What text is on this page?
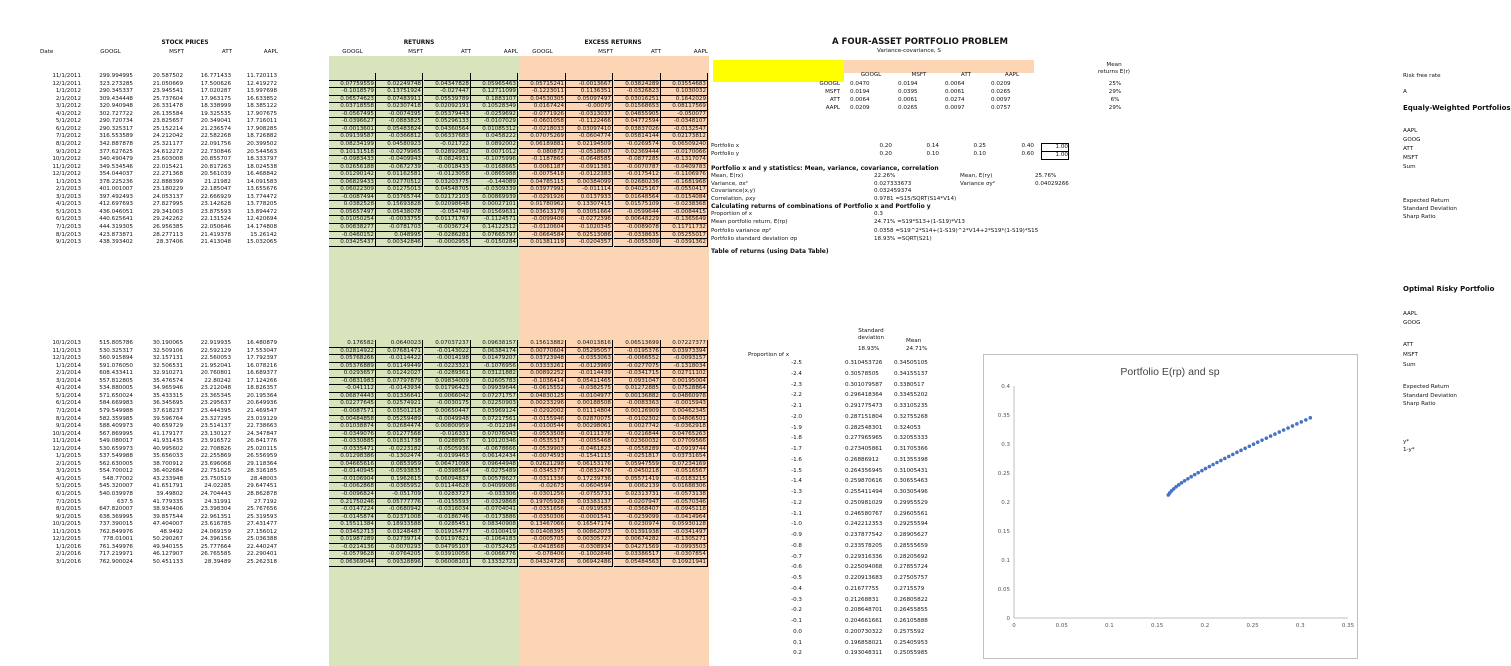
Date
STOCK PRICES	RETURNS	EXCESS RETURNS
GOOGL	MSFT	ATT	AAPL	GOOGL	MSFT	ATT	AAPL	GOOGL	MSFT	ATT	AAPL
11/1/2011	299.994995	20.587502	16.771433	11.720113
12/1/2011	323.273285	21.050669	17.500626	12.419272	0.07759559	0.02249748	0.04347828	0.05965463	0.05715241	-0.0013667	0.03824289	0.03554683
1/1/2012	290.345337	23.945541	17.020287	13.997698	-0.1018579	0.13751924	-0.027447	0.12711099	-0.1223011	0.1136351	-0.0326823	0.1030032
2/1/2012	309.434448	25.737604	17.963175	16.633852	0.06574623	0.07483911	0.05539789	0.1883107	0.04530305	0.05097497	0.03016251	0.1642029
3/1/2012	320.940948	26.331478	18.338999	18.385122	0.03718558	0.02307418	0.02092191	0.10528349	0.0167424	-0.00079	0.01568653	0.08117569
4/1/2012	302.727722	26.135584	19.325535	17.907675	-0.0567495	-0.0074395	0.05379443	-0.0259692	-0.0771926	-0.0313037	0.04855905	-0.050077
5/1/2012	290.720734	23.825657	20.349041	17.716011	-0.0396627	-0.0883825	0.05296133	-0.0107029	-0.0601058	-0.1122466	0.04772594	-0.0348107
6/1/2012	290.325317	25.152214	21.236574	17.908285	-0.0013601	0.05483824	0.04360564	0.01085312	-0.0218033	0.03097410	0.03837026	-0.0132547
7/1/2012	316.553589	24.212042	22.582268	18.726882	0.09139587	-0.0366812	0.06337683	0.0458222	0.07075269	-0.0604774	0.05814144	0.02173812
8/1/2012	342.887878	25.321177	22.091756	20.399502	0.08234199	0.04580923	-0.021722	0.0892002	0.06189881	0.02194509	-0.0269574	0.06509240
9/1/2012	377.627625	24.612272	22.730846	20.544563	0.10131518	-0.0279965	0.02892982	0.0071012	0.080872	-0.0518607	0.02369444	-0.0170066
10/1/2012	340.490479	23.603008	20.855707	18.333797	-0.0983433	-0.0409943	-0.0824931	-0.1075996	-0.1187865	-0.0648585	-0.0877285	-0.1317074
11/1/2012	349.534546	22.015421	20.817263	18.024538	0.02656188	-0.0672739	-0.0018433	-0.0168665	0.0061187	-0.0911381	-0.0070787	-0.0409783
12/1/2012	354.044037	22.271368	20.561039	16.468842	0.01290142	0.01162581	-0.0123058	-0.0865988	-0.0075418	-0.0122383	-0.0175412	-0.1106976
1/1/2013	378.225236	22.888399	21.21982	14.091583	0.06829433	0.02770512	0.03203775	-0.144089	0.04785115	0.00384099	0.02680236	-0.1681968
2/1/2013	401.001007	23.180229	22.185047	13.655676	0.06022309	0.01275013	0.04548705	-0.0309339	0.03977991	-0.011114	0.04025167	-0.0550417
3/1/2013	397.492493	24.053137	22.666929	13.774472	-0.0087494	0.03765744	0.02172103	0.00869939	-0.0291926	0.0137933	0.01648564	-0.0154084
4/1/2013	412.697693	27.827995	23.142628	13.778205	0.0382528	0.15693828	0.02098648	0.00027101	0.01780962	0.13307415	0.01575109	-0.0238368
5/1/2013	436.046051	29.341003	23.875593	13.894472	0.05657497	0.05438078	-0.054749	0.01569631	0.03613179	0.03051664	-0.0599644	-0.0084415
6/1/2013	440.625641	29.242262	22.131524	12.420694	0.01050254	-0.0033755	0.01171767	-0.1124571	-0.0099406	-0.0272396	0.00648229	-0.1365649
7/1/2013	444.319305	26.956385	22.050646	14.174808	0.00838277	-0.0781703	-0.0036724	0.14122512	-0.0120604	-0.1020345	-0.0089078	0.11711732
8/1/2013	423.873871	28.277113	21.419378	15.26142	-0.0460152	0.048995	-0.0286281	0.07665797	-0.0664584	0.02513086	-0.0338635	0.05255017
9/1/2013	438.393402	28.37406	21.413048	15.032065	0.03425437	0.00342846	-0.0002955	-0.0150284	0.01381119	-0.0204357	-0.0055309	-0.0391362
10/1/2013	515.805786	30.190065	22.919935	16.480879	0.176582	0.0640023	0.07037237	0.09638157	0.15613882	0.04013816	0.06513699	0.07227377
11/1/2013	530.325317	32.509106	22.592129	17.553047	0.02814922	0.07681471	-0.0143022	0.06384174	0.00770604	0.05295057	-0.0195376	0.03973394
12/1/2013	560.915894	32.157131	22.560053	17.792397	0.05768266	-0.0114422	-0.0014198	0.01479207	0.03723948	-0.0353063	-0.0066552	-0.0093157
1/1/2014	591.076050	32.506531	21.952041	16.078216	0.05376889	0.01149449	-0.0223321	-0.1076956	0.03333261	-0.0123969	-0.0277075	-0.1318034
2/1/2014	608.433411	32.910271	20.760801	16.689377	0.0293657	0.01242027	-0.0289361	0.03121882	0.00892252	-0.0114439	-0.0341715	0.02711102
3/1/2014	557.812805	35.476574	22.80242	17.124266	-0.0831983	0.07797879	0.09834009	0.02605783	-0.1036414	0.05411465	0.0931047	0.00195004
4/1/2014	534.880005	34.965946	23.212048	18.826357	-0.041112	-0.0143934	0.01796423	0.09939644	-0.0615552	-0.0382575	0.01272885	0.07528864
5/1/2014	571.650024	35.433315	23.365345	20.195364	0.06874443	0.01336641	0.0066042	0.07271757	0.04830125	-0.0104977	0.00136882	0.04860978
6/1/2014	584.669983	36.345695	23.295637	20.649936	0.02277645	0.02574921	-0.0030175	0.02250903	0.00233296	0.00188508	-0.0083363	-0.0015943
7/1/2014	579.549988	37.618237	23.444395	21.469547	-0.0087571	0.03501218	0.00650447	0.03969124	-0.0292002	0.01114804	0.00126909	0.00462345
8/1/2014	582.359985	39.596764	23.327295	23.019129	0.00484858	0.05259489	-0.0049948	0.07217561	-0.0155946	0.02870075	-0.0102302	0.04806501
9/1/2014	588.409973	40.659729	23.514137	22.738663	0.01038874	0.02684474	0.00800959	-0.012184	-0.0100544	0.00298061	0.0027742	-0.0362918
10/1/2014	567.869995	41.179177	23.130127	24.347847	-0.0349076	0.01277568	-0.016331	0.07076043	-0.0553508	-0.0111376	-0.0216844	0.04765263
11/1/2014	549.080017	41.931435	23.916572	26.841776	-0.0330885	0.01831738	0.0288957	0.10120346	-0.0535317	-0.0055468	0.02360032	0.07709566
12/1/2014	530.659973	40.995602	22.708826	25.020115	-0.0335471	-0.0223182	-0.0505936	-0.0678666	-0.0539903	-0.0461823	-0.0558289	-0.0919744
1/1/2015	537.549988	35.656033	22.255869	26.556959	0.01298386	-0.1302474	-0.0199463	0.06142434	-0.0074593	-0.1541115	-0.0251817	0.03731654
2/1/2015	562.630005	38.700912	23.696068	29.118364	0.04665616	0.0853959	0.06471098	0.09644948	0.02621298	0.06153176	0.05947559	0.07234169
3/1/2015	554.700012	36.402684	22.751625	28.316185	-0.0140945	-0.0593835	-0.0398564	-0.0275489	-0.0345377	-0.0832476	-0.0450218	-0.0516567
4/1/2015	548.77002	43.233948	23.750519	28.48003	-0.0106904	0.1962615	0.06094837	0.00578627	-0.0311336	0.17239736	0.05571419	-0.0183215
5/1/2015	545.320007	41.651791	24.02285	29.647451	-0.0062868	-0.0365952	0.01144628	0.04099086	-0.02673	-0.0604594	0.0062139	0.01688306
6/1/2015	540.039978	39.49802	24.704443	28.862878	-0.0096824	-0.051709	0.0283727	-0.033306	-0.0301256	-0.0755731	0.02313731	-0.0573138
7/1/2015	637.5	41.779335	24.31991	27.7192	0.21750246	0.05777776	-0.0155593	-0.0329868	0.19705928	0.03383137	-0.0207947	-0.0570346
8/1/2015	647.820007	38.934406	23.398304	25.767656	-0.0147224	-0.0680942	-0.0316034	-0.0704041	-0.0351656	-0.0919583	-0.0368407	-0.0945118
9/1/2015	638.369995	39.857544	22.961351	25.319593	-0.0145874	0.02371008	-0.0186746	-0.0173886	-0.0350306	-0.0001541	-0.0239099	-0.0414964
10/1/2015	737.390015	47.404007	23.616785	27.431477	0.15511384	0.18933588	0.0285451	0.08340908	0.13467066	0.16547174	0.0230974	0.05930128
11/1/2015	762.849976	48.9492	24.069159	27.156012	0.03452713	0.03248487	0.01915477	-0.0100419	0.01408395	0.00862073	0.01391938	-0.0341497
12/1/2015	778.01001	50.290267	24.396156	25.036388	0.01987289	0.02739714	0.01197821	-0.1064183	-0.0005705	0.00305727	0.00674282	-0.1305271
1/1/2016	761.349976	49.940155	25.777664	22.440247	-0.0214136	-0.0070293	0.04795107	-0.0752425	-0.0418568	-0.0308934	0.04271569	-0.0993503
2/1/2016	717.219971	46.127907	26.765585	22.290401	-0.0579628	-0.0764205	0.03910056	-0.0066776	-0.078406	-0.1002846	0.03386517	-0.0307854
3/1/2016	762.900024	50.451133	28.39489	25.262318	0.06369044	0.09328896	0.06008101	0.13332721	0.04324726	0.06942486	0.05484563	0.10921941
A FOUR-ASSET PORTFOLIO PROBLEM
Variance-covariance, S
GOOGL	MSFT	ATT	AAPL
GOOGL 0.0470	0.0194	0.0064	0.0209
MSFT 0.0194	0.0395	0.0061	0.0265
ATT 0.0064	0.0061	0.0274	0.0097
AAPL 0.0209	0.0265	0.0097	0.0757
Mean returns E(r)
25%
29%
6%
29%
Portfolio x	0.20	0.14	0.25	0.40	1.00
Portfolio y	0.20	0.10	0.10	0.60	1.00
Portfolio x and y statistics: Mean, variance, covariance, correlation
Mean, E(rx)	22.26%	Mean, E(ry)	25.76%
Variance, σx²	0.027333673	Variance σy²	0.04029266
Covariance(x,y)	0.032459374
Correlation, ρxy	0.9781 =S15/SQRT(S14*V14)
Calculating returns of combinations of Portfolio x and Portfolio y
Proportion of x	0.3
Mean portfolio return, E(rp)	24.71% =S19*S13+(1-S19)*V13
Portfolio variance σp²	0.0358 =S19^2*S14+(1-S19)^2*V14+2*S19*(1-S19)*S15
Portfolio standard deviation σp	18.93% =SQRT(S21)
Table of returns (using Data Table)
Standard deviation	Mean
Proportion of x
18.93%	24.71%
-2.5	0.310453726 0.34505105
-2.4	0.30578505	0.34155137
-2.3	0.301079587 0.3380517
-2.2	0.296418364 0.33455202
-2.1	0.291775473 0.33105235
-2.0	0.287151804 0.32755268
-1.9	0.282548301 0.324053
-1.8	0.277965965 0.32055333
-1.7	0.273405861 0.31705366
-1.6	0.26886912	0.31355398
-1.5	0.264356945 0.31005431
-1.4	0.259870616 0.30655463
-1.3	0.255411494 0.30305496
-1.2	0.250981029 0.29955529
-1.1	0.246580767 0.29605561
-1.0	0.242212353 0.29255594
-0.9	0.237877542 0.28905627
-0.8	0.233578205 0.28555659
-0.7	0.229316336 0.28205692
-0.6	0.225094068 0.27855724
-0.5	0.220913683 0.27505757
-0.4	0.21677755	0.2715579
-0.3	0.21268831	0.26805822
-0.2	0.208648701 0.26455855
-0.1	0.204661661 0.26105888
0.0	0.200730322 0.2575592
0.1	0.196858021 0.25405953
0.2	0.193048311 0.25055985
Risk free rate
A
Equaly-Weighted Portfolios
AAPL
GOOG
ATT
MSFT
Sum
Expected Return
Standard Deviation
Sharp Ratio
Optimal Risky Portfolio
AAPL
GOOG
ATT
MSFT
Sum
Expected Return
Standard Deviation
Sharp Ratio
y*
1-y*
Portfolio E(rp) and sp
0
0.05
0.1
0.15
0.2
0.25
0.3
0.35
0.4
0	0.05	0.1	0.15	0.2	0.25	0.3	0.35
